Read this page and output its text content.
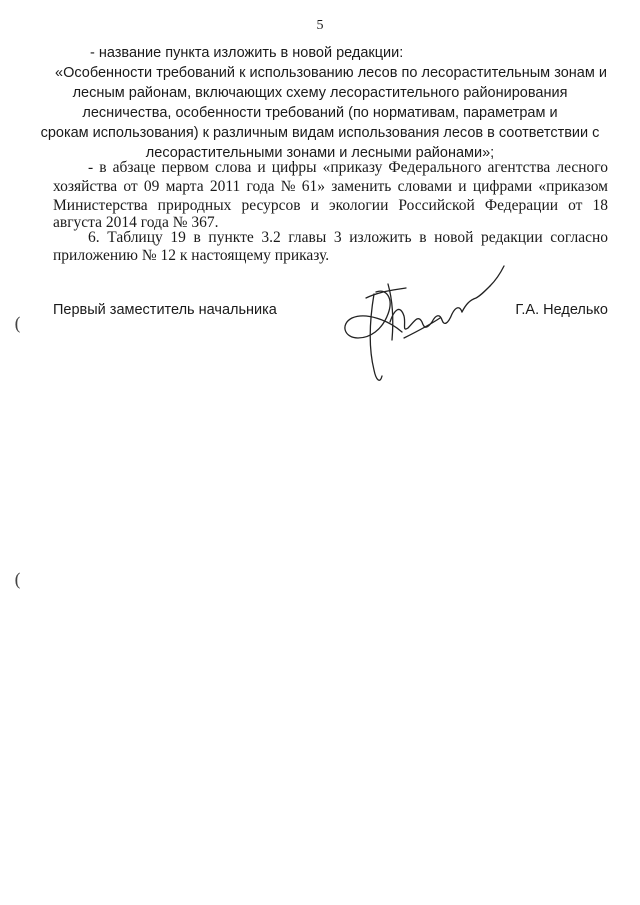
5
- название пункта изложить в новой редакции:
«Особенности требований к использованию лесов по лесорастительным зонам и
лесным районам, включающих схему лесорастительного районирования
лесничества, особенности требований (по нормативам, параметрам и
срокам использования) к различным видам использования лесов в соответствии с
лесорастительными зонами и лесными районами»;
- в абзаце первом слова и цифры «приказу Федерального агентства лесного
хозяйства от 09 марта 2011 года № 61» заменить словами и цифрами «приказом
Министерства природных ресурсов и экологии Российской Федерации от 18
августа 2014 года № 367.
6. Таблицу 19 в пункте 3.2 главы 3 изложить в новой редакции согласно
приложению № 12 к настоящему приказу.
Первый заместитель начальника	Г.А. Неделько
(
(
